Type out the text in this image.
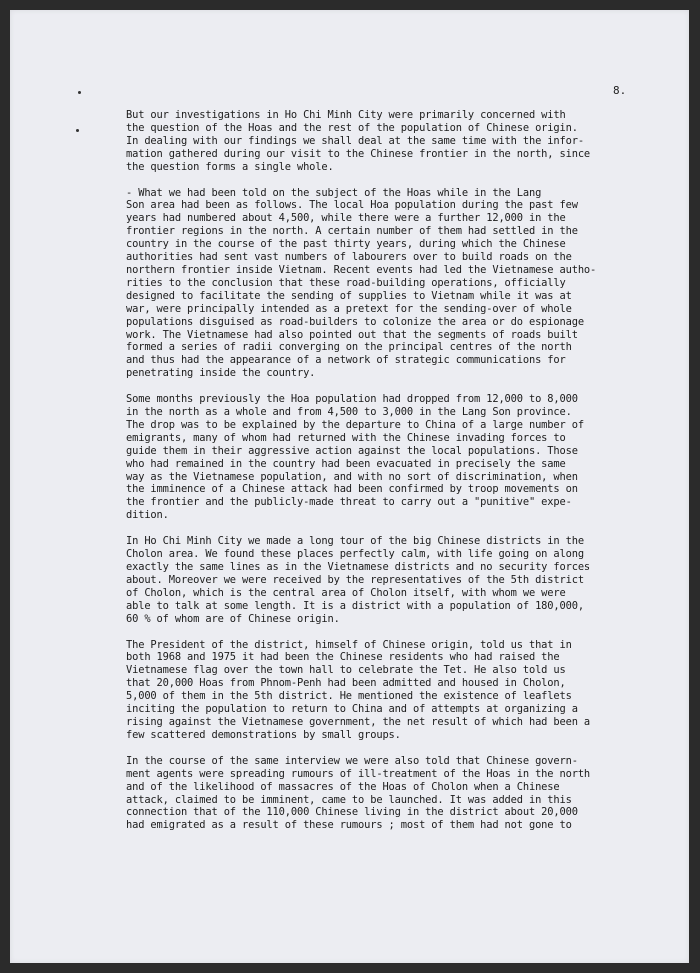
8.

But our investigations in Ho Chi Minh City were primarily concerned with
the question of the Hoas and the rest of the population of Chinese origin.
In dealing with our findings we shall deal at the same time with the infor-
mation gathered during our visit to the Chinese frontier in the north, since
the question forms a single whole.

- What we had been told on the subject of the Hoas while in the Lang
Son area had been as follows. The local Hoa population during the past few
years had numbered about 4,500, while there were a further 12,000 in the
frontier regions in the north. A certain number of them had settled in the
country in the course of the past thirty years, during which the Chinese
authorities had sent vast numbers of labourers over to build roads on the
northern frontier inside Vietnam. Recent events had led the Vietnamese autho-
rities to the conclusion that these road-building operations, officially
designed to facilitate the sending of supplies to Vietnam while it was at
war, were principally intended as a pretext for the sending-over of whole
populations disguised as road-builders to colonize the area or do espionage
work. The Vietnamese had also pointed out that the segments of roads built
formed a series of radii converging on the principal centres of the north
and thus had the appearance of a network of strategic communications for
penetrating inside the country.

Some months previously the Hoa population had dropped from 12,000 to 8,000
in the north as a whole and from 4,500 to 3,000 in the Lang Son province.
The drop was to be explained by the departure to China of a large number of
emigrants, many of whom had returned with the Chinese invading forces to
guide them in their aggressive action against the local populations. Those
who had remained in the country had been evacuated in precisely the same
way as the Vietnamese population, and with no sort of discrimination, when
the imminence of a Chinese attack had been confirmed by troop movements on
the frontier and the publicly-made threat to carry out a "punitive" expe-
dition.

In Ho Chi Minh City we made a long tour of the big Chinese districts in the
Cholon area. We found these places perfectly calm, with life going on along
exactly the same lines as in the Vietnamese districts and no security forces
about. Moreover we were received by the representatives of the 5th district
of Cholon, which is the central area of Cholon itself, with whom we were
able to talk at some length. It is a district with a population of 180,000,
60 % of whom are of Chinese origin.

The President of the district, himself of Chinese origin, told us that in
both 1968 and 1975 it had been the Chinese residents who had raised the
Vietnamese flag over the town hall to celebrate the Tet. He also told us
that 20,000 Hoas from Phnom-Penh had been admitted and housed in Cholon,
5,000 of them in the 5th district. He mentioned the existence of leaflets
inciting the population to return to China and of attempts at organizing a
rising against the Vietnamese government, the net result of which had been a
few scattered demonstrations by small groups.

In the course of the same interview we were also told that Chinese govern-
ment agents were spreading rumours of ill-treatment of the Hoas in the north
and of the likelihood of massacres of the Hoas of Cholon when a Chinese
attack, claimed to be imminent, came to be launched. It was added in this
connection that of the 110,000 Chinese living in the district about 20,000
had emigrated as a result of these rumours ; most of them had not gone to
